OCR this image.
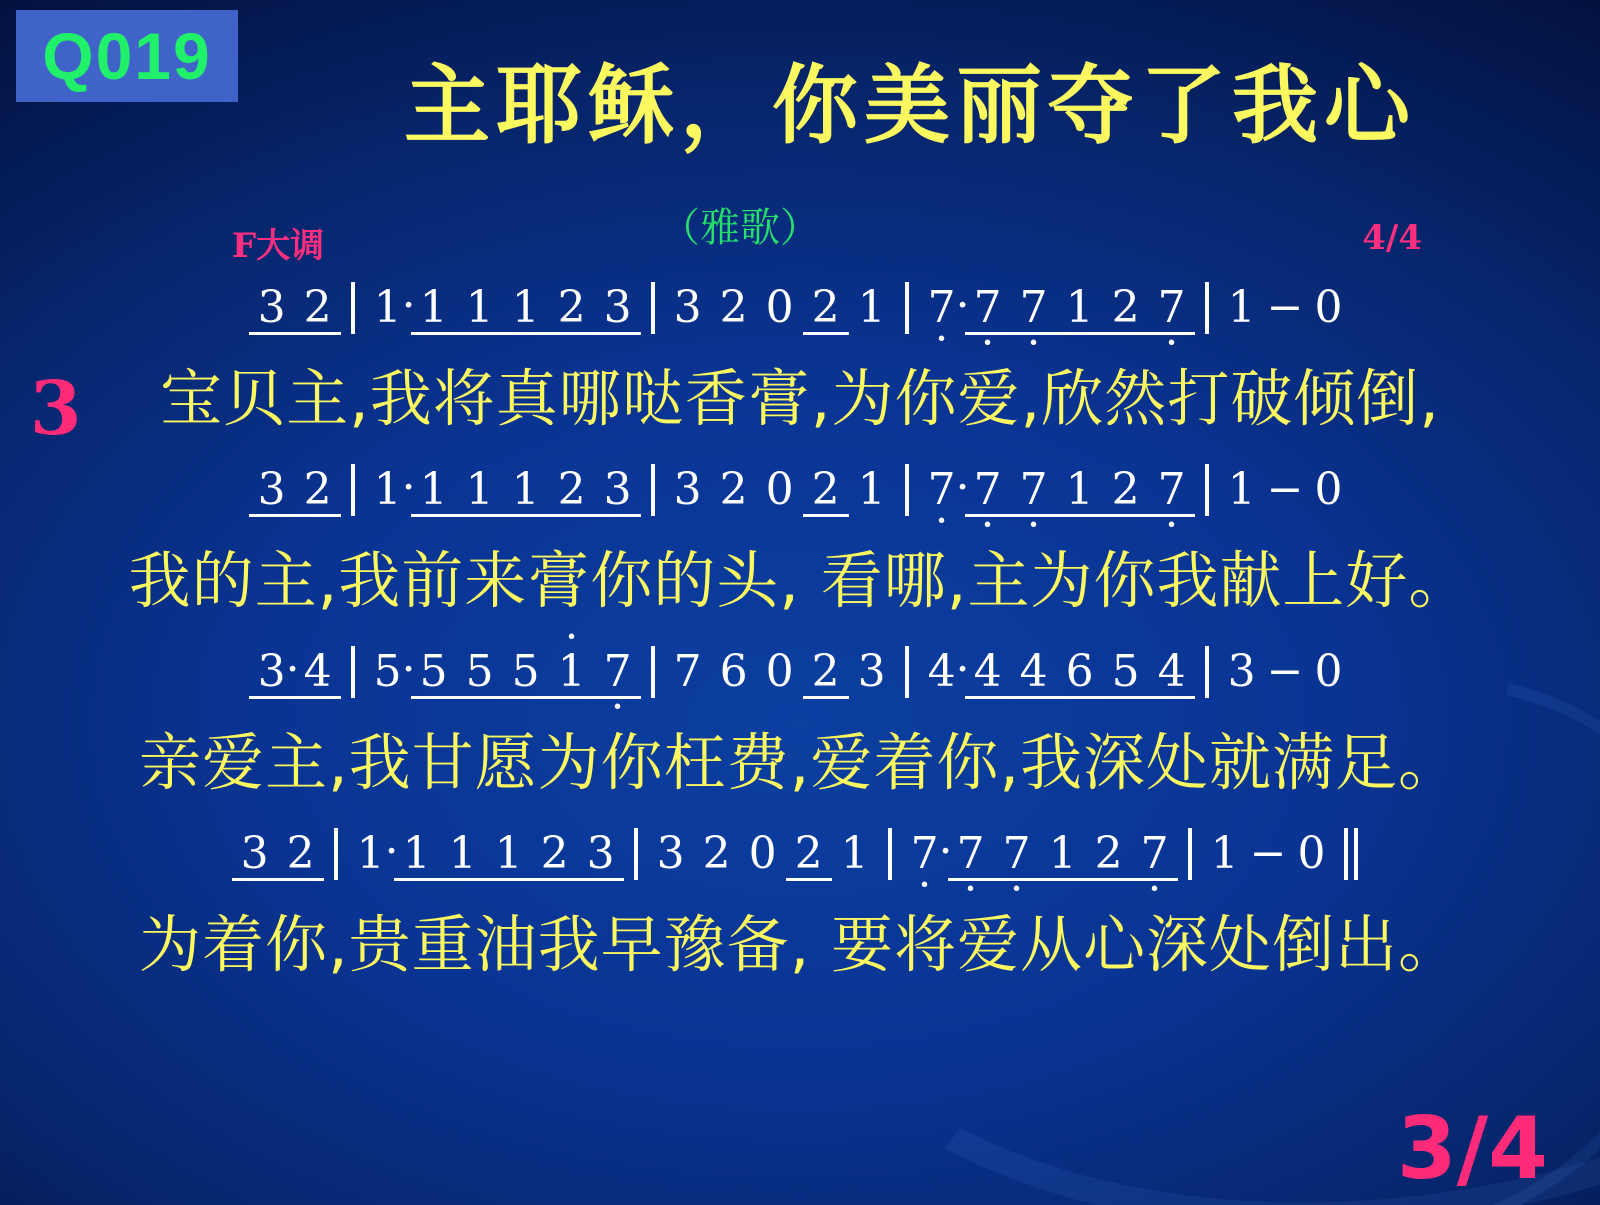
Q019	主耶稣，你美丽夺了我心
F大调	（雅歌）	4/4
3
3 2 1 · 1 1 1 2 3 3 2 0 2 1 · 7 · · 7 · 7 1 2 · 7 1 − 0
宝贝主,我将真哪哒香膏,为你爱,欣然打破倾倒,
3 2 1 · 1 1 1 2 3 3 2 0 2 1 · 7 · · 7 · 7 1 2 · 7 1 − 0
我的主,我前来膏你的头, 看哪,主为你我献上好。
3 · 4 5 · 5 5 5 · 1 · 7 7 6 0 2 3 4 · 4 4 6 5 4 3 − 0
亲爱主,我甘愿为你枉费,爱着你,我深处就满足。
3 2 1 · 1 1 1 2 3 3 2 0 2 1 · 7 · · 7 · 7 1 2 · 7 1 − 0
为着你,贵重油我早豫备, 要将爱从心深处倒出。
3/4
